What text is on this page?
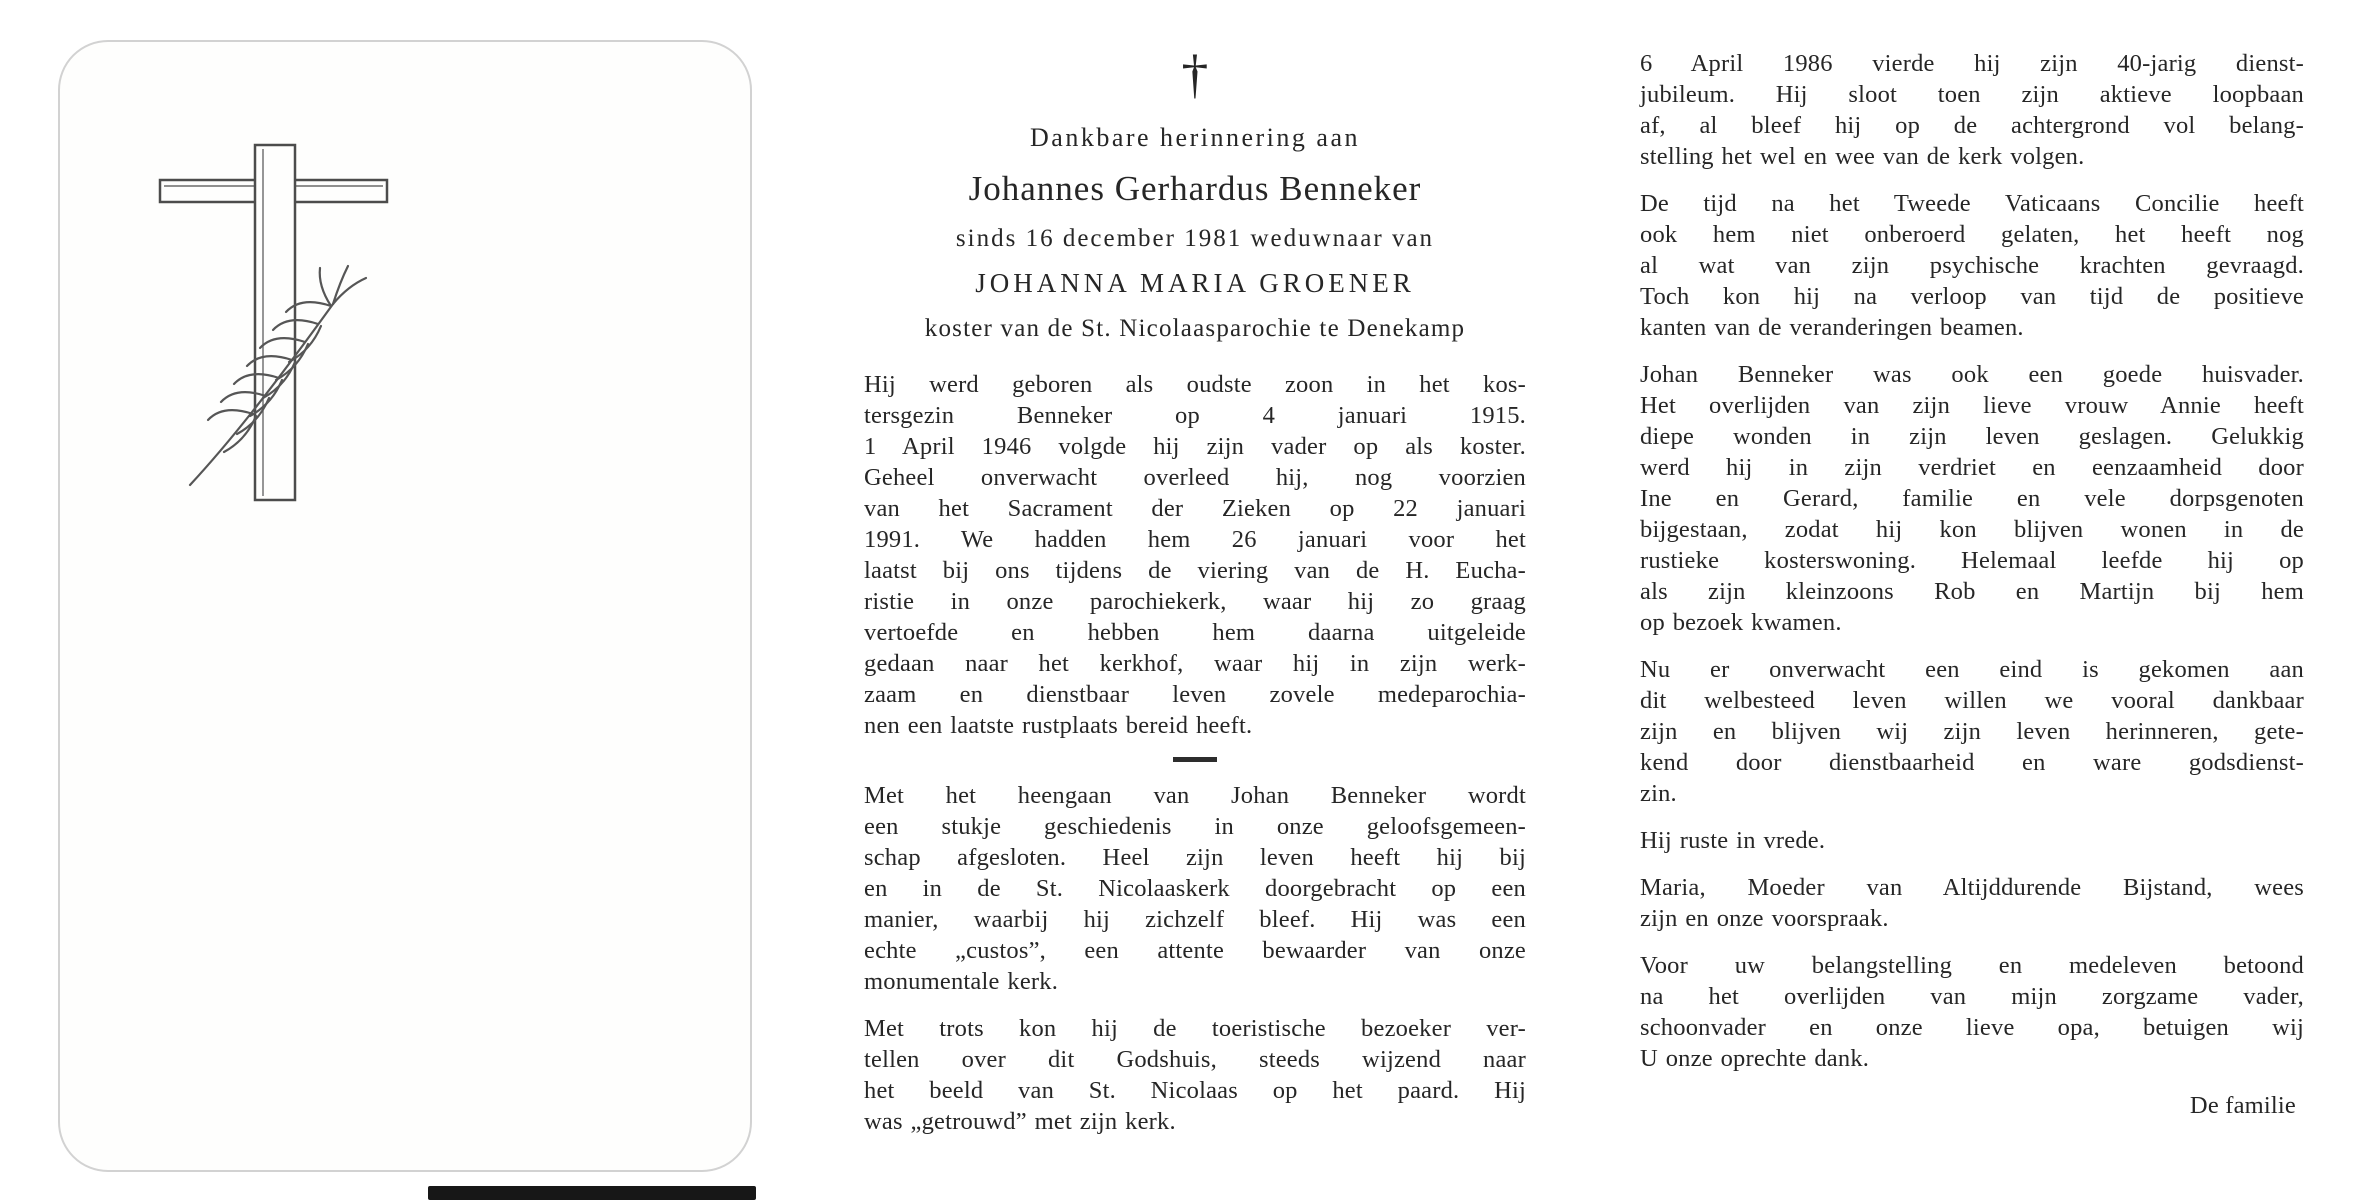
†
Dankbare herinnering aan
Johannes Gerhardus Benneker
sinds 16 december 1981 weduwnaar van
JOHANNA MARIA GROENER
koster van de St. Nicolaasparochie te Denekamp
Hij werd geboren als oudste zoon in het kos-
tersgezin Benneker op 4 januari 1915.
1 April 1946 volgde hij zijn vader op als koster.
Geheel onverwacht overleed hij, nog voorzien
van het Sacrament der Zieken op 22 januari
1991. We hadden hem 26 januari voor het
laatst bij ons tijdens de viering van de H. Eucha-
ristie in onze parochiekerk, waar hij zo graag
vertoefde en hebben hem daarna uitgeleide
gedaan naar het kerkhof, waar hij in zijn werk-
zaam en dienstbaar leven zovele medeparochia-
nen een laatste rustplaats bereid heeft.
Met het heengaan van Johan Benneker wordt
een stukje geschiedenis in onze geloofsgemeen-
schap afgesloten. Heel zijn leven heeft hij bij
en in de St. Nicolaaskerk doorgebracht op een
manier, waarbij hij zichzelf bleef. Hij was een
echte „custos”, een attente bewaarder van onze
monumentale kerk.
Met trots kon hij de toeristische bezoeker ver-
tellen over dit Godshuis, steeds wijzend naar
het beeld van St. Nicolaas op het paard. Hij
was „getrouwd” met zijn kerk.
6 April 1986 vierde hij zijn 40-jarig dienst-
jubileum. Hij sloot toen zijn aktieve loopbaan
af, al bleef hij op de achtergrond vol belang-
stelling het wel en wee van de kerk volgen.
De tijd na het Tweede Vaticaans Concilie heeft
ook hem niet onberoerd gelaten, het heeft nog
al wat van zijn psychische krachten gevraagd.
Toch kon hij na verloop van tijd de positieve
kanten van de veranderingen beamen.
Johan Benneker was ook een goede huisvader.
Het overlijden van zijn lieve vrouw Annie heeft
diepe wonden in zijn leven geslagen. Gelukkig
werd hij in zijn verdriet en eenzaamheid door
Ine en Gerard, familie en vele dorpsgenoten
bijgestaan, zodat hij kon blijven wonen in de
rustieke kosterswoning. Helemaal leefde hij op
als zijn kleinzoons Rob en Martijn bij hem
op bezoek kwamen.
Nu er onverwacht een eind is gekomen aan
dit welbesteed leven willen we vooral dankbaar
zijn en blijven wij zijn leven herinneren, gete-
kend door dienstbaarheid en ware godsdienst-
zin.
Hij ruste in vrede.
Maria, Moeder van Altijddurende Bijstand, wees
zijn en onze voorspraak.
Voor uw belangstelling en medeleven betoond
na het overlijden van mijn zorgzame vader,
schoonvader en onze lieve opa, betuigen wij
U onze oprechte dank.
De familie
